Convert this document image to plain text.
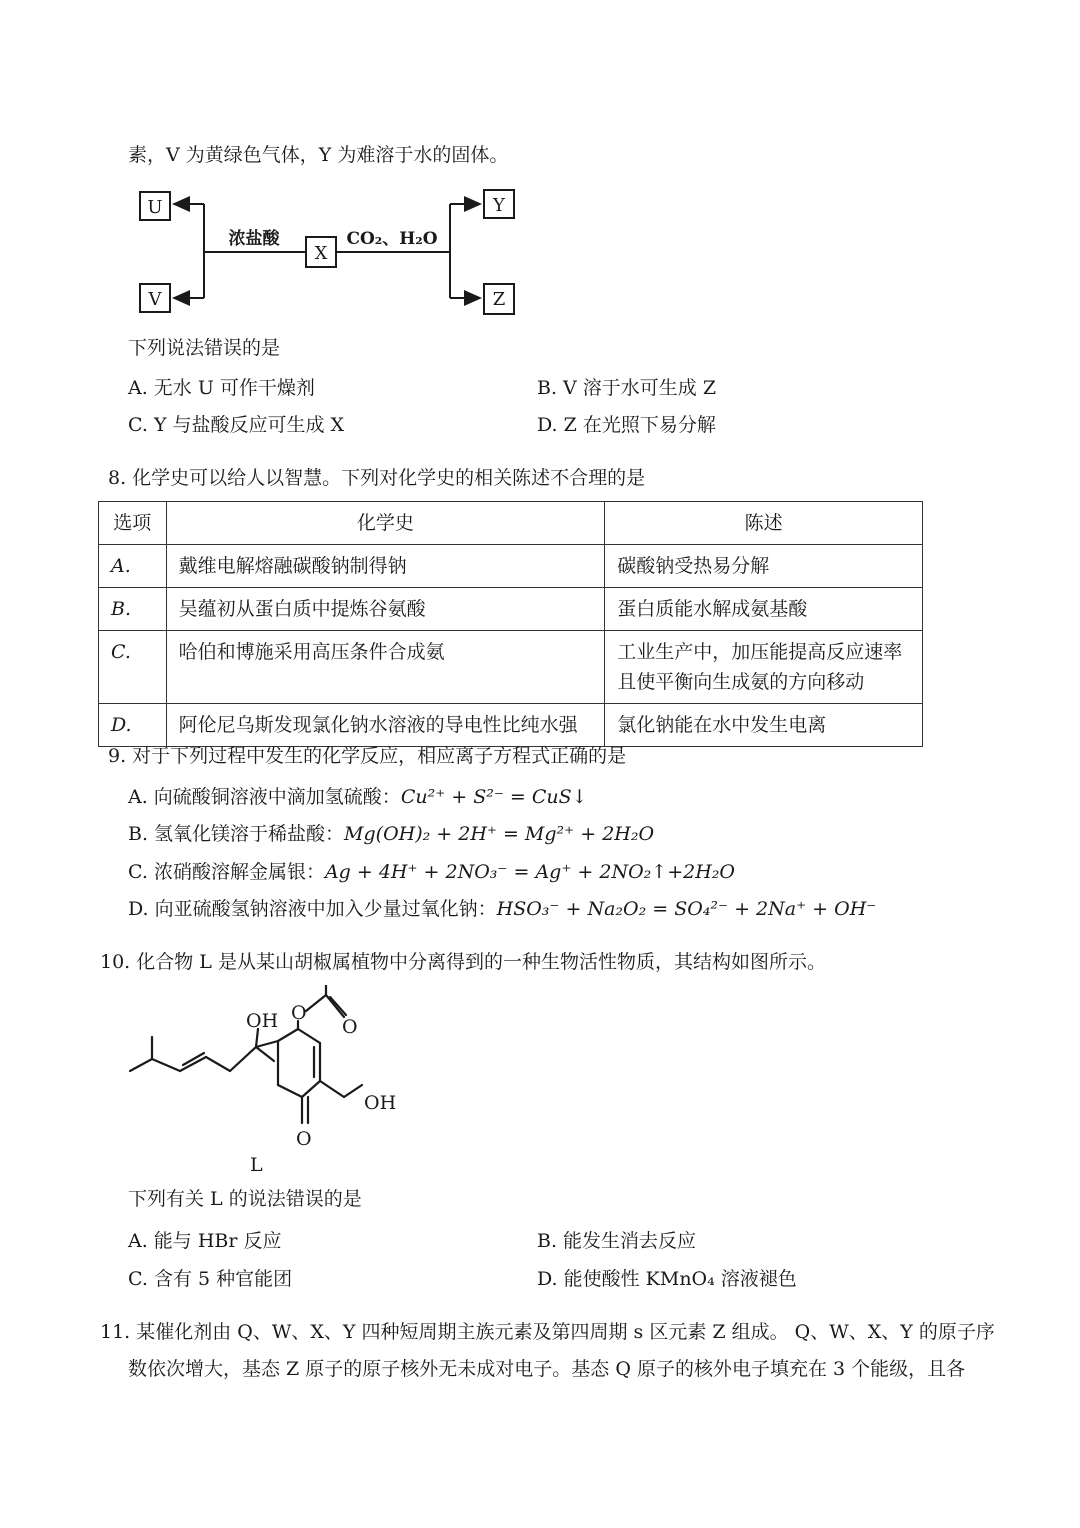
素，V 为黄绿色气体，Y 为难溶于水的固体。
U
V
X
Y
Z
浓盐酸	CO₂、H₂O
下列说法错误的是
A. 无水 U 可作干燥剂	B. V 溶于水可生成 Z
C. Y 与盐酸反应可生成 X	D. Z 在光照下易分解
8. 化学史可以给人以智慧。下列对化学史的相关陈述不合理的是
选项	化学史	陈述
A.	戴维电解熔融碳酸钠制得钠	碳酸钠受热易分解
B.	吴蕴初从蛋白质中提炼谷氨酸	蛋白质能水解成氨基酸
C.	哈伯和博施采用高压条件合成氨	工业生产中，加压能提高反应速率且使平衡向生成氨的方向移动
D.	阿伦尼乌斯发现氯化钠水溶液的导电性比纯水强	氯化钠能在水中发生电离
9. 对于下列过程中发生的化学反应，相应离子方程式正确的是
A. 向硫酸铜溶液中滴加氢硫酸：Cu²⁺ + S²⁻ = CuS↓
B. 氢氧化镁溶于稀盐酸：Mg(OH)₂ + 2H⁺ = Mg²⁺ + 2H₂O
C. 浓硝酸溶解金属银：Ag + 4H⁺ + 2NO₃⁻ = Ag⁺ + 2NO₂↑+2H₂O
D. 向亚硫酸氢钠溶液中加入少量过氧化钠：HSO₃⁻ + Na₂O₂ = SO₄²⁻ + 2Na⁺ + OH⁻
10. 化合物 L 是从某山胡椒属植物中分离得到的一种生物活性物质，其结构如图所示。
OH O
O
OH
O
L
下列有关 L 的说法错误的是
A. 能与 HBr 反应	B. 能发生消去反应
C. 含有 5 种官能团	D. 能使酸性 KMnO₄ 溶液褪色
11. 某催化剂由 Q、W、X、Y 四种短周期主族元素及第四周期 s 区元素 Z 组成。 Q、W、X、Y 的原子序
数依次增大，基态 Z 原子的原子核外无未成对电子。基态 Q 原子的核外电子填充在 3 个能级，且各
